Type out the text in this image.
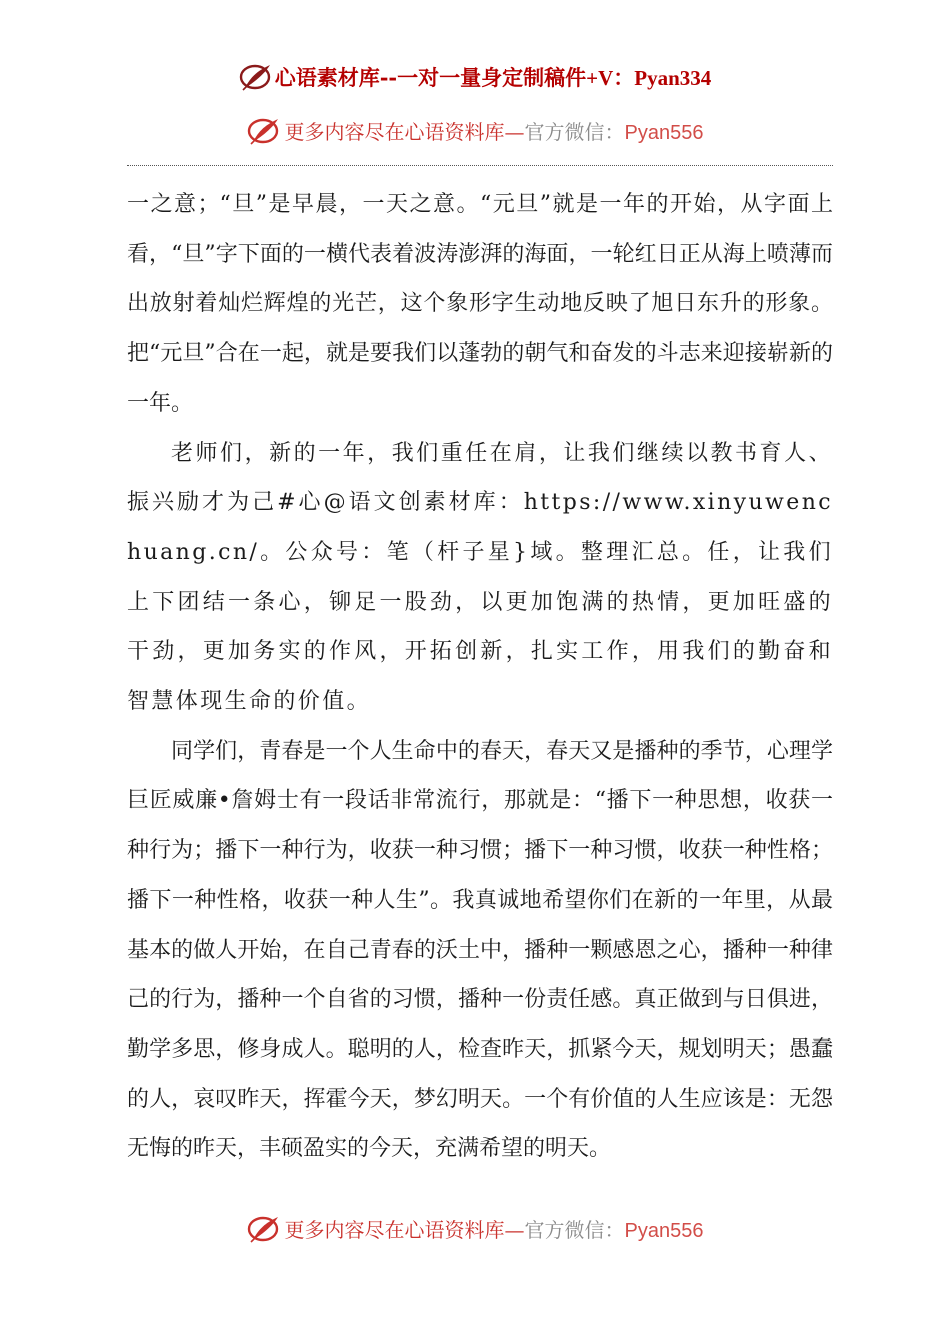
心语素材库--一对一量身定制稿件+V：Pyan334
更多内容尽在心语资料库—官方微信：Pyan556

一之意；“旦”是早晨，一天之意。“元旦”就是一年的开始，从字面上看，“旦”字下面的一横代表着波涛澎湃的海面，一轮红日正从海上喷薄而出放射着灿烂辉煌的光芒，这个象形字生动地反映了旭日东升的形象。把“元旦”合在一起，就是要我们以蓬勃的朝气和奋发的斗志来迎接崭新的一年。

老师们，新的一年，我们重任在肩，让我们继续以教书育人、振兴励才为己#心@语文创素材库：https://www.xinyuwenchuang.cn/。公众号：笔（杆子星}域。整理汇总。任，让我们上下团结一条心，铆足一股劲，以更加饱满的热情，更加旺盛的干劲，更加务实的作风，开拓创新，扎实工作，用我们的勤奋和智慧体现生命的价值。

同学们，青春是一个人生命中的春天，春天又是播种的季节，心理学巨匠威廉•詹姆士有一段话非常流行，那就是：“播下一种思想，收获一种行为；播下一种行为，收获一种习惯；播下一种习惯，收获一种性格；播下一种性格，收获一种人生”。我真诚地希望你们在新的一年里，从最基本的做人开始，在自己青春的沃土中，播种一颗感恩之心，播种一种律己的行为，播种一个自省的习惯，播种一份责任感。真正做到与日俱进，勤学多思，修身成人。聪明的人，检查昨天，抓紧今天，规划明天；愚蠢的人，哀叹昨天，挥霍今天，梦幻明天。一个有价值的人生应该是：无怨无悔的昨天，丰硕盈实的今天，充满希望的明天。

更多内容尽在心语资料库—官方微信：Pyan556
